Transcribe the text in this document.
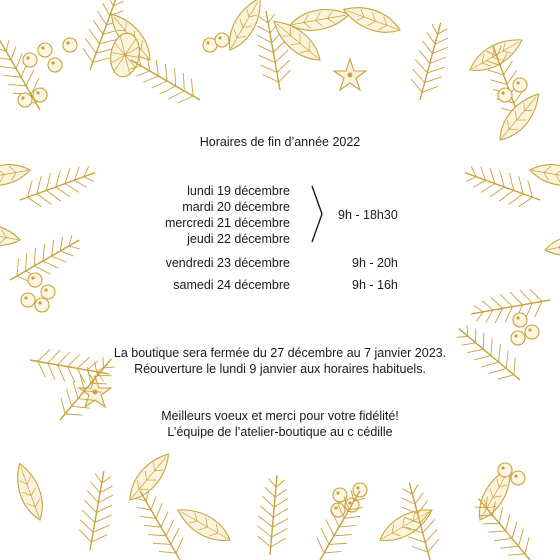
Horaires de fin d’année 2022
lundi 19 décembre
mardi 20 décembre
mercredi 21 décembre
jeudi 22 décembre
9h - 18h30
vendredi 23 décembre	9h - 20h
samedi 24 décembre	9h - 16h
La boutique sera fermée du 27 décembre au 7 janvier 2023.
Réouverture le lundi 9 janvier aux horaires habituels.
Meilleurs voeux et merci pour votre fidélité!
L’équipe de l’atelier-boutique au c cédille
